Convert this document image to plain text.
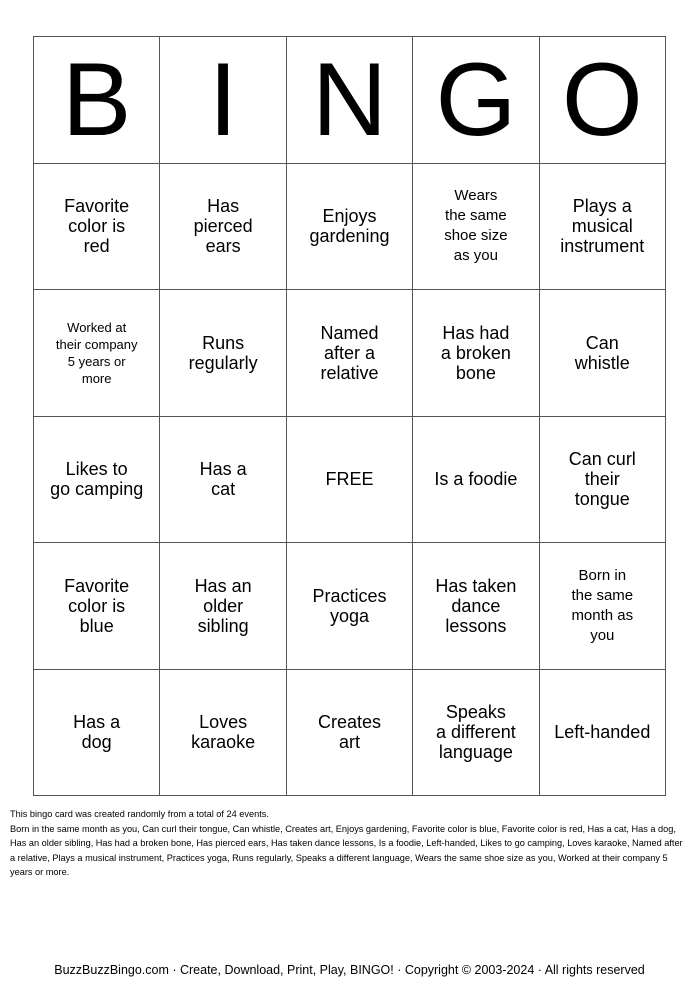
B I N G O
Favorite
color is
red
Has
pierced
ears
Enjoys
gardening
Wears
the same
shoe size
as you
Plays a
musical
instrument
Worked at
their company
5 years or
more
Runs
regularly
Named
after a
relative
Has had
a broken
bone
Can
whistle
Likes to
go camping
Has a
cat	FREE	Is a foodie
Can curl
their
tongue
Favorite
color is
blue
Has an
older
sibling
Practices
yoga
Has taken
dance
lessons
Born in
the same
month as
you
Has a
dog
Loves
karaoke
Creates
art
Speaks
a different
language
Left-handed
This bingo card was created randomly from a total of 24 events.
Born in the same month as you, Can curl their tongue, Can whistle, Creates art, Enjoys gardening, Favorite color is blue, Favorite color is red, Has a cat, Has a dog, Has an older sibling, Has had a broken bone, Has pierced ears, Has taken dance lessons, Is a foodie, Left-handed, Likes to go camping, Loves karaoke, Named after a relative, Plays a musical instrument, Practices yoga, Runs regularly, Speaks a different language, Wears the same shoe size as you, Worked at their company 5 years or more.
BuzzBuzzBingo.com · Create, Download, Print, Play, BINGO! · Copyright © 2003-2024 · All rights reserved
